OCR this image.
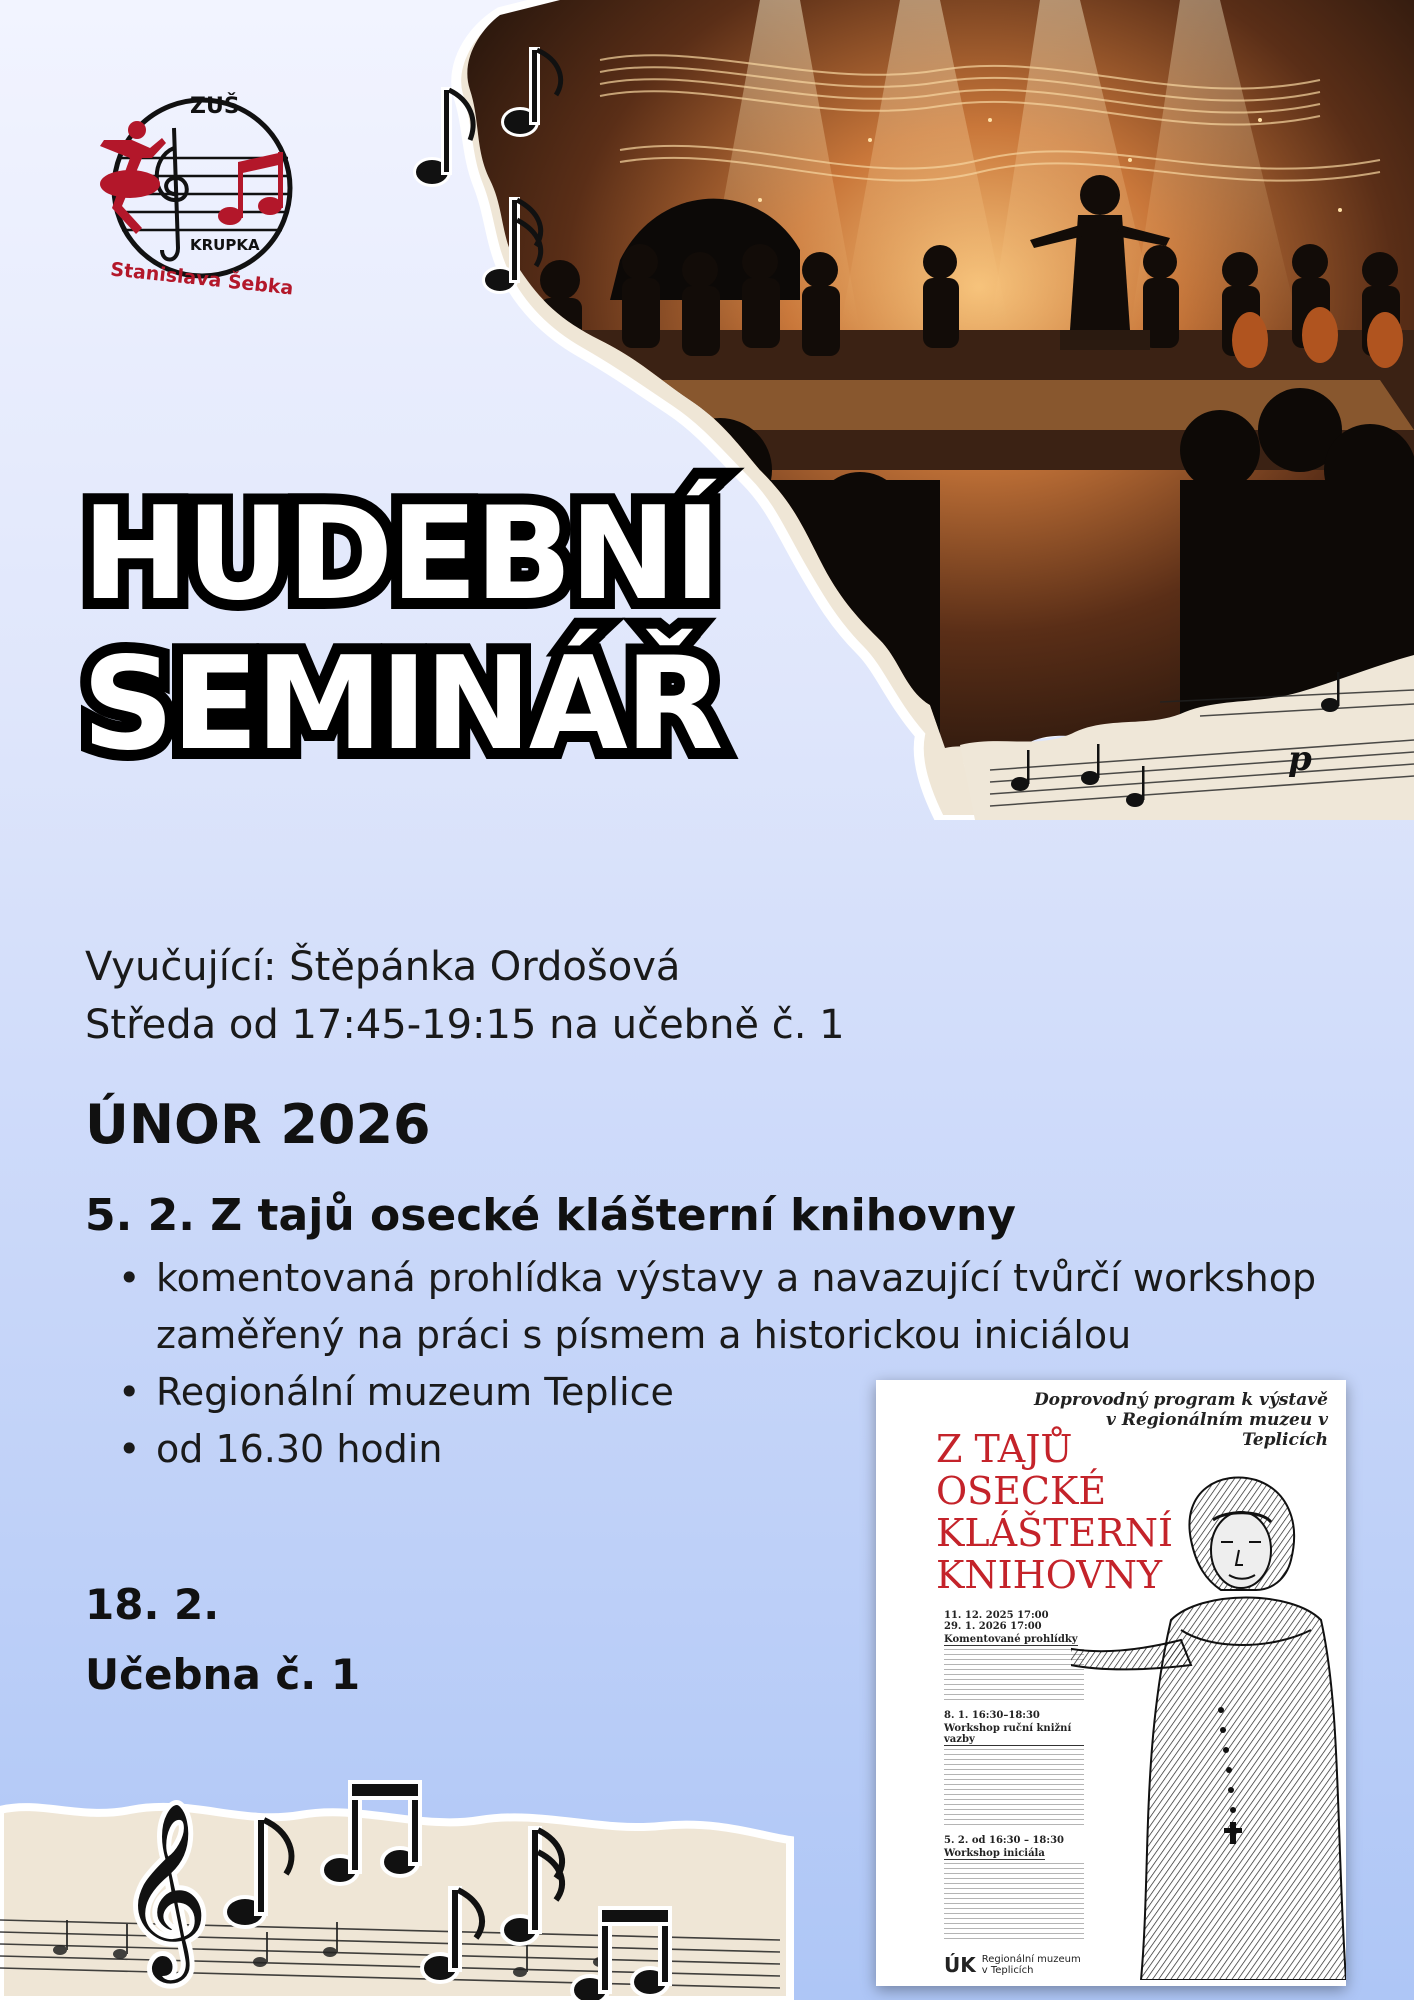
p
ZUŠ
KRUPKA
Stanislava Šebka
HUDEBNÍ
SEMINÁŘ
Vyučující: Štěpánka Ordošová
Středa od 17:45-19:15 na učebně č. 1
ÚNOR 2026
5. 2. Z tajů osecké klášterní knihovny
• komentovaná prohlídka výstavy a navazující tvůrčí workshop zaměřený na práci s písmem a historickou iniciálou
• Regionální muzeum Teplice
• od 16.30 hodin
18. 2.
Učebna č. 1
𝄞
Doprovodný program k výstavě
v Regionálním muzeu v Teplicích
Z TAJŮ
OSECKÉ
KLÁŠTERNÍ
KNIHOVNY
11. 12. 2025 17:00
29. 1. 2026 17:00
Komentované prohlídky
8. 1. 16:30–18:30
Workshop ruční knižní vazby
5. 2. od 16:30 – 18:30
Workshop iniciála
ÚK Regionální muzeum
v Teplicích
